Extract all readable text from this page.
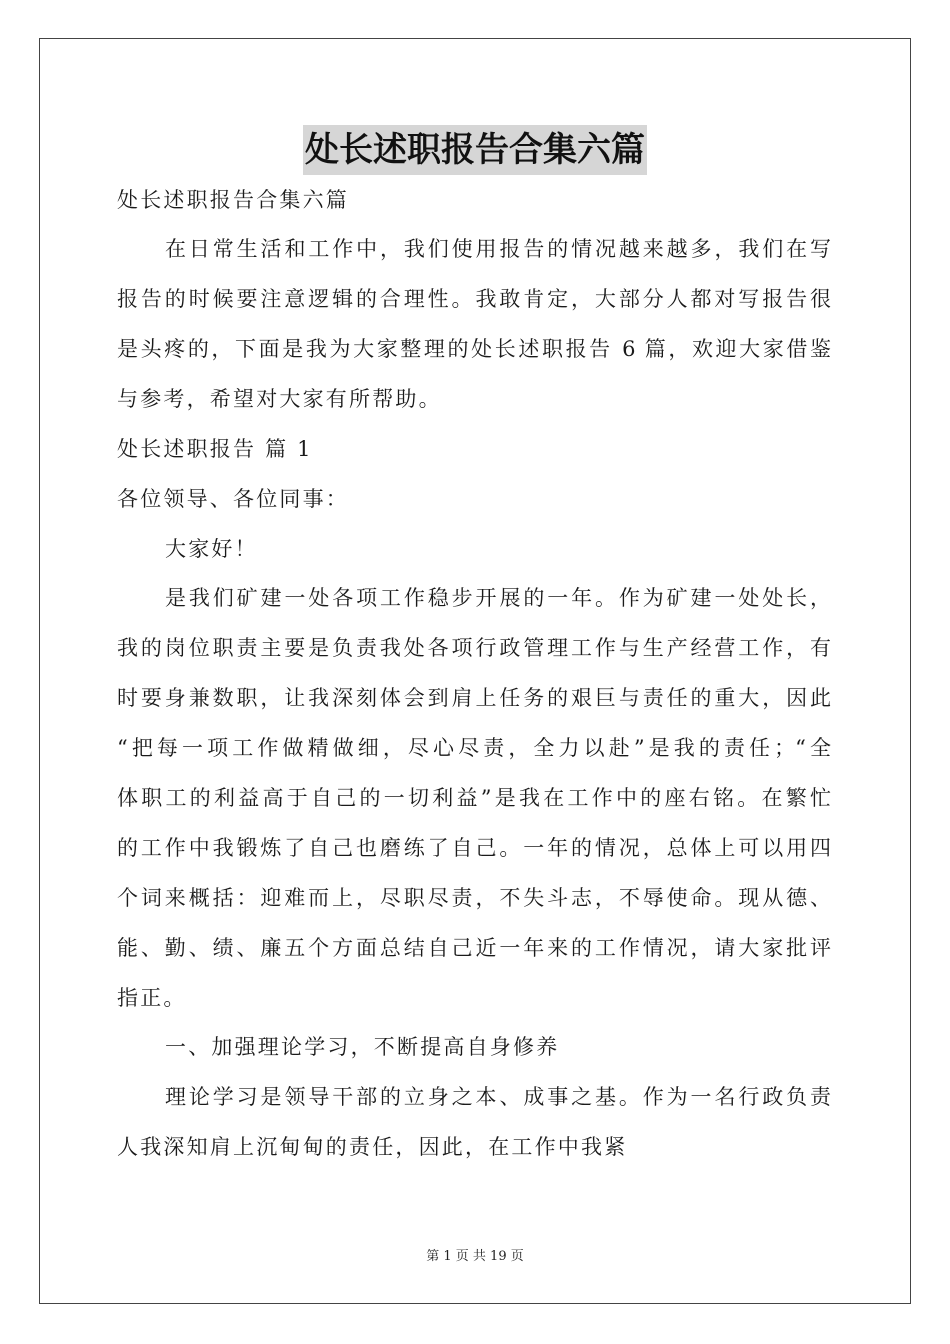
处长述职报告合集六篇
处长述职报告合集六篇
在日常生活和工作中，我们使用报告的情况越来越多，我们在写
报告的时候要注意逻辑的合理性。我敢肯定，大部分人都对写报告很
是头疼的，下面是我为大家整理的处长述职报告 6 篇，欢迎大家借鉴
与参考，希望对大家有所帮助。
处长述职报告 篇 1
各位领导、各位同事：
大家好！
是我们矿建一处各项工作稳步开展的一年。作为矿建一处处长，
我的岗位职责主要是负责我处各项行政管理工作与生产经营工作，有
时要身兼数职，让我深刻体会到肩上任务的艰巨与责任的重大，因此
“把每一项工作做精做细，尽心尽责，全力以赴”是我的责任；“全
体职工的利益高于自己的一切利益”是我在工作中的座右铭。在繁忙
的工作中我锻炼了自己也磨练了自己。一年的情况，总体上可以用四
个词来概括：迎难而上，尽职尽责，不失斗志，不辱使命。现从德、
能、勤、绩、廉五个方面总结自己近一年来的工作情况，请大家批评
指正。
一、加强理论学习，不断提高自身修养
理论学习是领导干部的立身之本、成事之基。作为一名行政负责
人我深知肩上沉甸甸的责任，因此，在工作中我紧
第 1 页 共 19 页
